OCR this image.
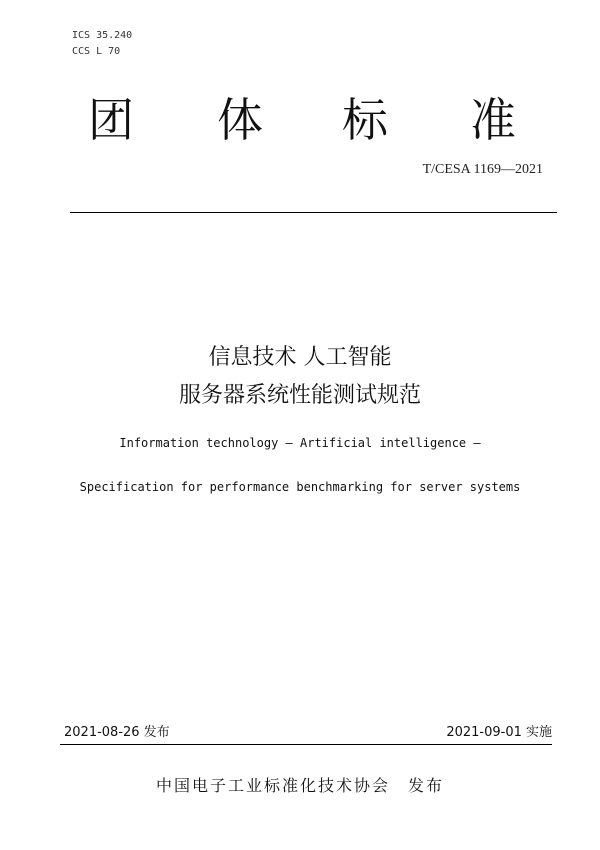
ICS 35.240
CCS L 70
团 体 标 准
T/CESA 1169—2021
信息技术 人工智能
服务器系统性能测试规范
Information technology — Artificial intelligence —
Specification for performance benchmarking for server systems
2021-08-26 发布	2021-09-01 实施
中国电子工业标准化技术协会 发布
